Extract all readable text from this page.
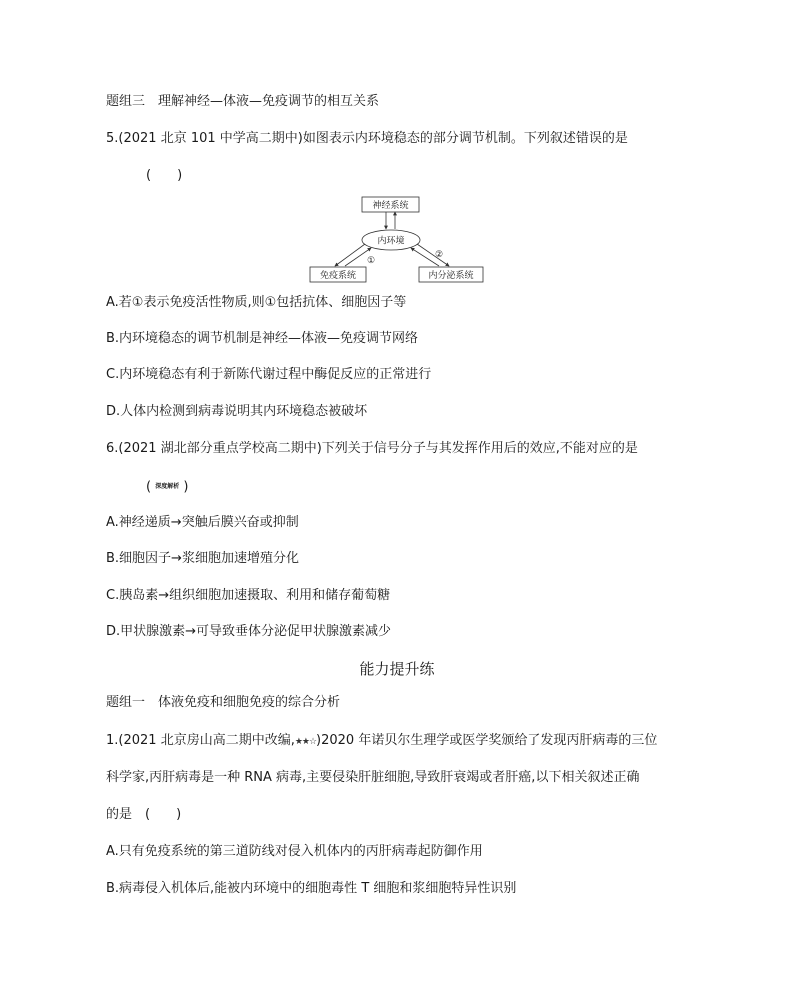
题组三　理解神经—体液—免疫调节的相互关系
5.(2021 北京 101 中学高二期中)如图表示内环境稳态的部分调节机制。下列叙述错误的是
(　　)
神经系统
内环境
①
②
免疫系统	内分泌系统
A.若①表示免疫活性物质,则①包括抗体、细胞因子等
B.内环境稳态的调节机制是神经—体液—免疫调节网络
C.内环境稳态有利于新陈代谢过程中酶促反应的正常进行
D.人体内检测到病毒说明其内环境稳态被破坏
6.(2021 湖北部分重点学校高二期中)下列关于信号分子与其发挥作用后的效应,不能对应的是
( 深度解析 )
A.神经递质→突触后膜兴奋或抑制
B.细胞因子→浆细胞加速增殖分化
C.胰岛素→组织细胞加速摄取、利用和储存葡萄糖
D.甲状腺激素→可导致垂体分泌促甲状腺激素减少
能力提升练
题组一　体液免疫和细胞免疫的综合分析
1.(2021 北京房山高二期中改编,★★☆)2020 年诺贝尔生理学或医学奖颁给了发现丙肝病毒的三位
科学家,丙肝病毒是一种 RNA 病毒,主要侵染肝脏细胞,导致肝衰竭或者肝癌,以下相关叙述正确
的是　(　　)
A.只有免疫系统的第三道防线对侵入机体内的丙肝病毒起防御作用
B.病毒侵入机体后,能被内环境中的细胞毒性 T 细胞和浆细胞特异性识别
